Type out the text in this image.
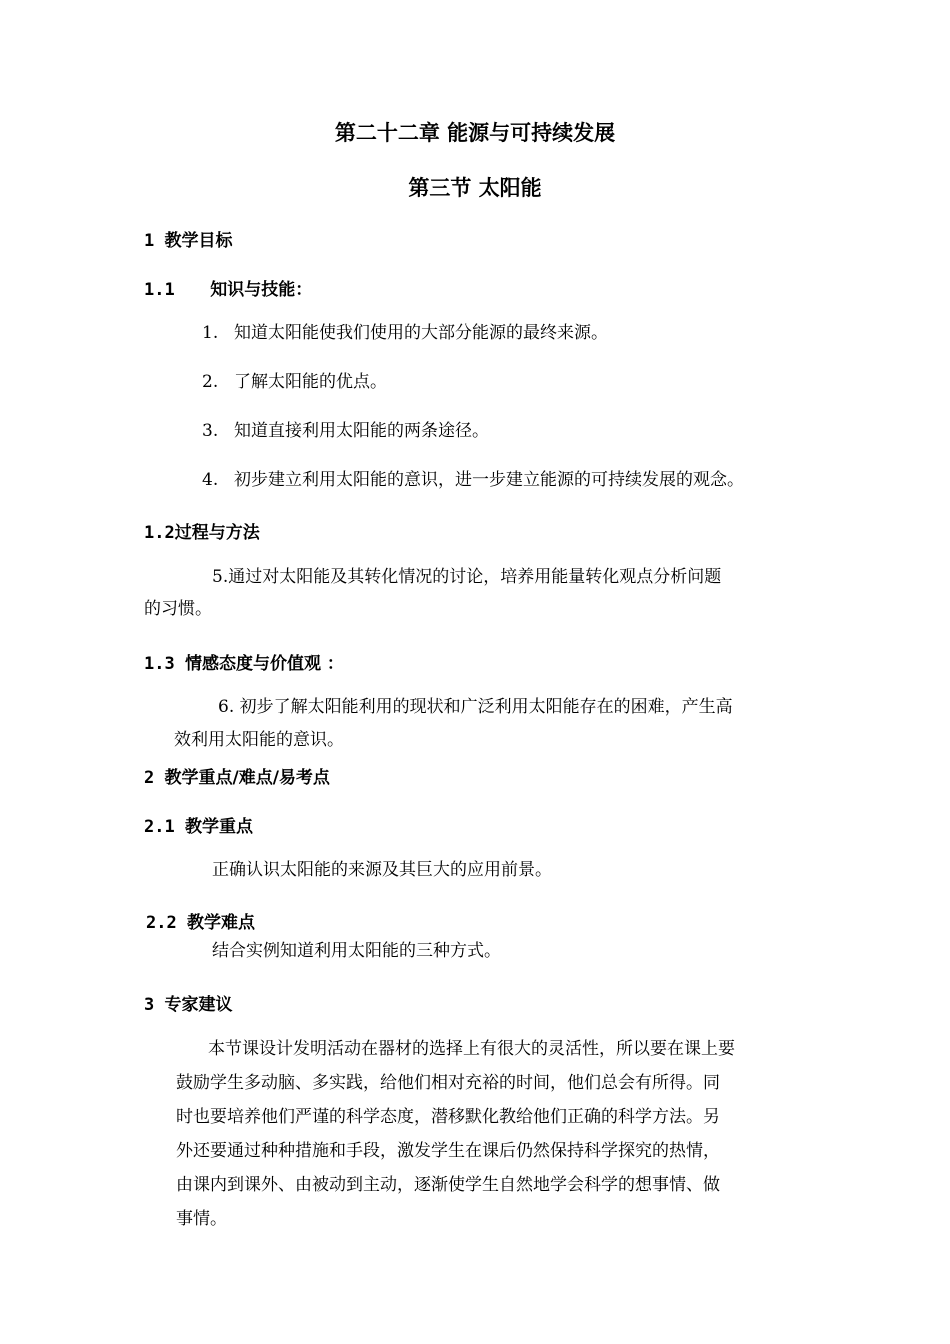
第二十二章 能源与可持续发展
第三节 太阳能
1 教学目标
1.1 知识与技能：
1. 知道太阳能使我们使用的大部分能源的最终来源。
2. 了解太阳能的优点。
3. 知道直接利用太阳能的两条途径。
4. 初步建立利用太阳能的意识，进一步建立能源的可持续发展的观念。
1.2过程与方法
5.通过对太阳能及其转化情况的讨论，培养用能量转化观点分析问题
的习惯。
1.3 情感态度与价值观 ：
6. 初步了解太阳能利用的现状和广泛利用太阳能存在的困难，产生高
效利用太阳能的意识。
2 教学重点/难点/易考点
2.1 教学重点
正确认识太阳能的来源及其巨大的应用前景。
2.2 教学难点
结合实例知道利用太阳能的三种方式。
3 专家建议
本节课设计发明活动在器材的选择上有很大的灵活性，所以要在课上要
鼓励学生多动脑、多实践，给他们相对充裕的时间，他们总会有所得。同
时也要培养他们严谨的科学态度，潜移默化教给他们正确的科学方法。另
外还要通过种种措施和手段，激发学生在课后仍然保持科学探究的热情，
由课内到课外、由被动到主动，逐渐使学生自然地学会科学的想事情、做
事情。
